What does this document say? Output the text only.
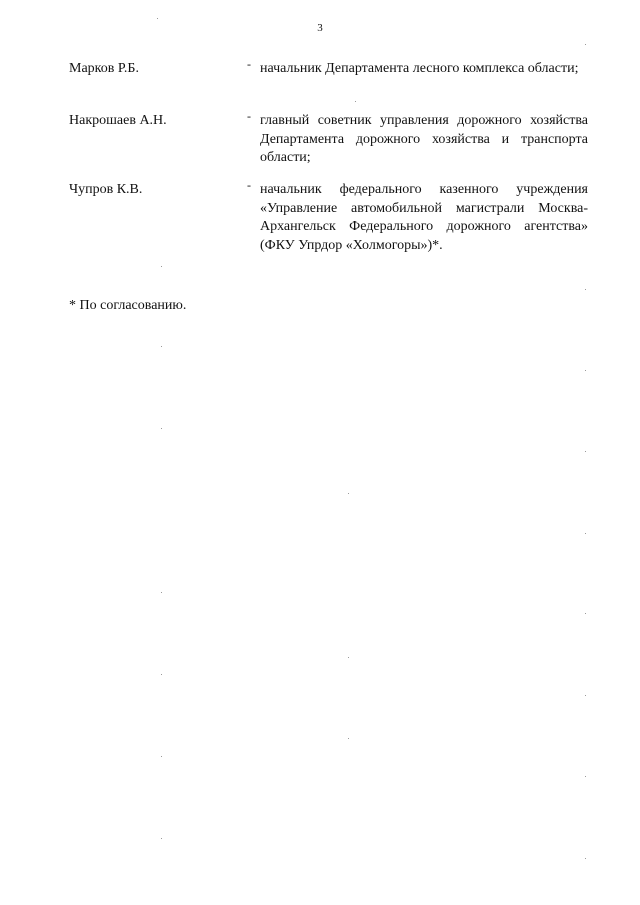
3
Марков Р.Б.	- начальник Департамента лесного комплекса области;
Накрошаев А.Н.	- главный советник управления дорожного хозяйства Департамента дорожного хозяйства и транспорта области;
Чупров К.В.	- начальник федерального казенного учреждения «Управление автомобильной магистрали Москва-Архангельск Федерального дорожного агентства» (ФКУ Упрдор «Холмогоры»)*.
* По согласованию.
